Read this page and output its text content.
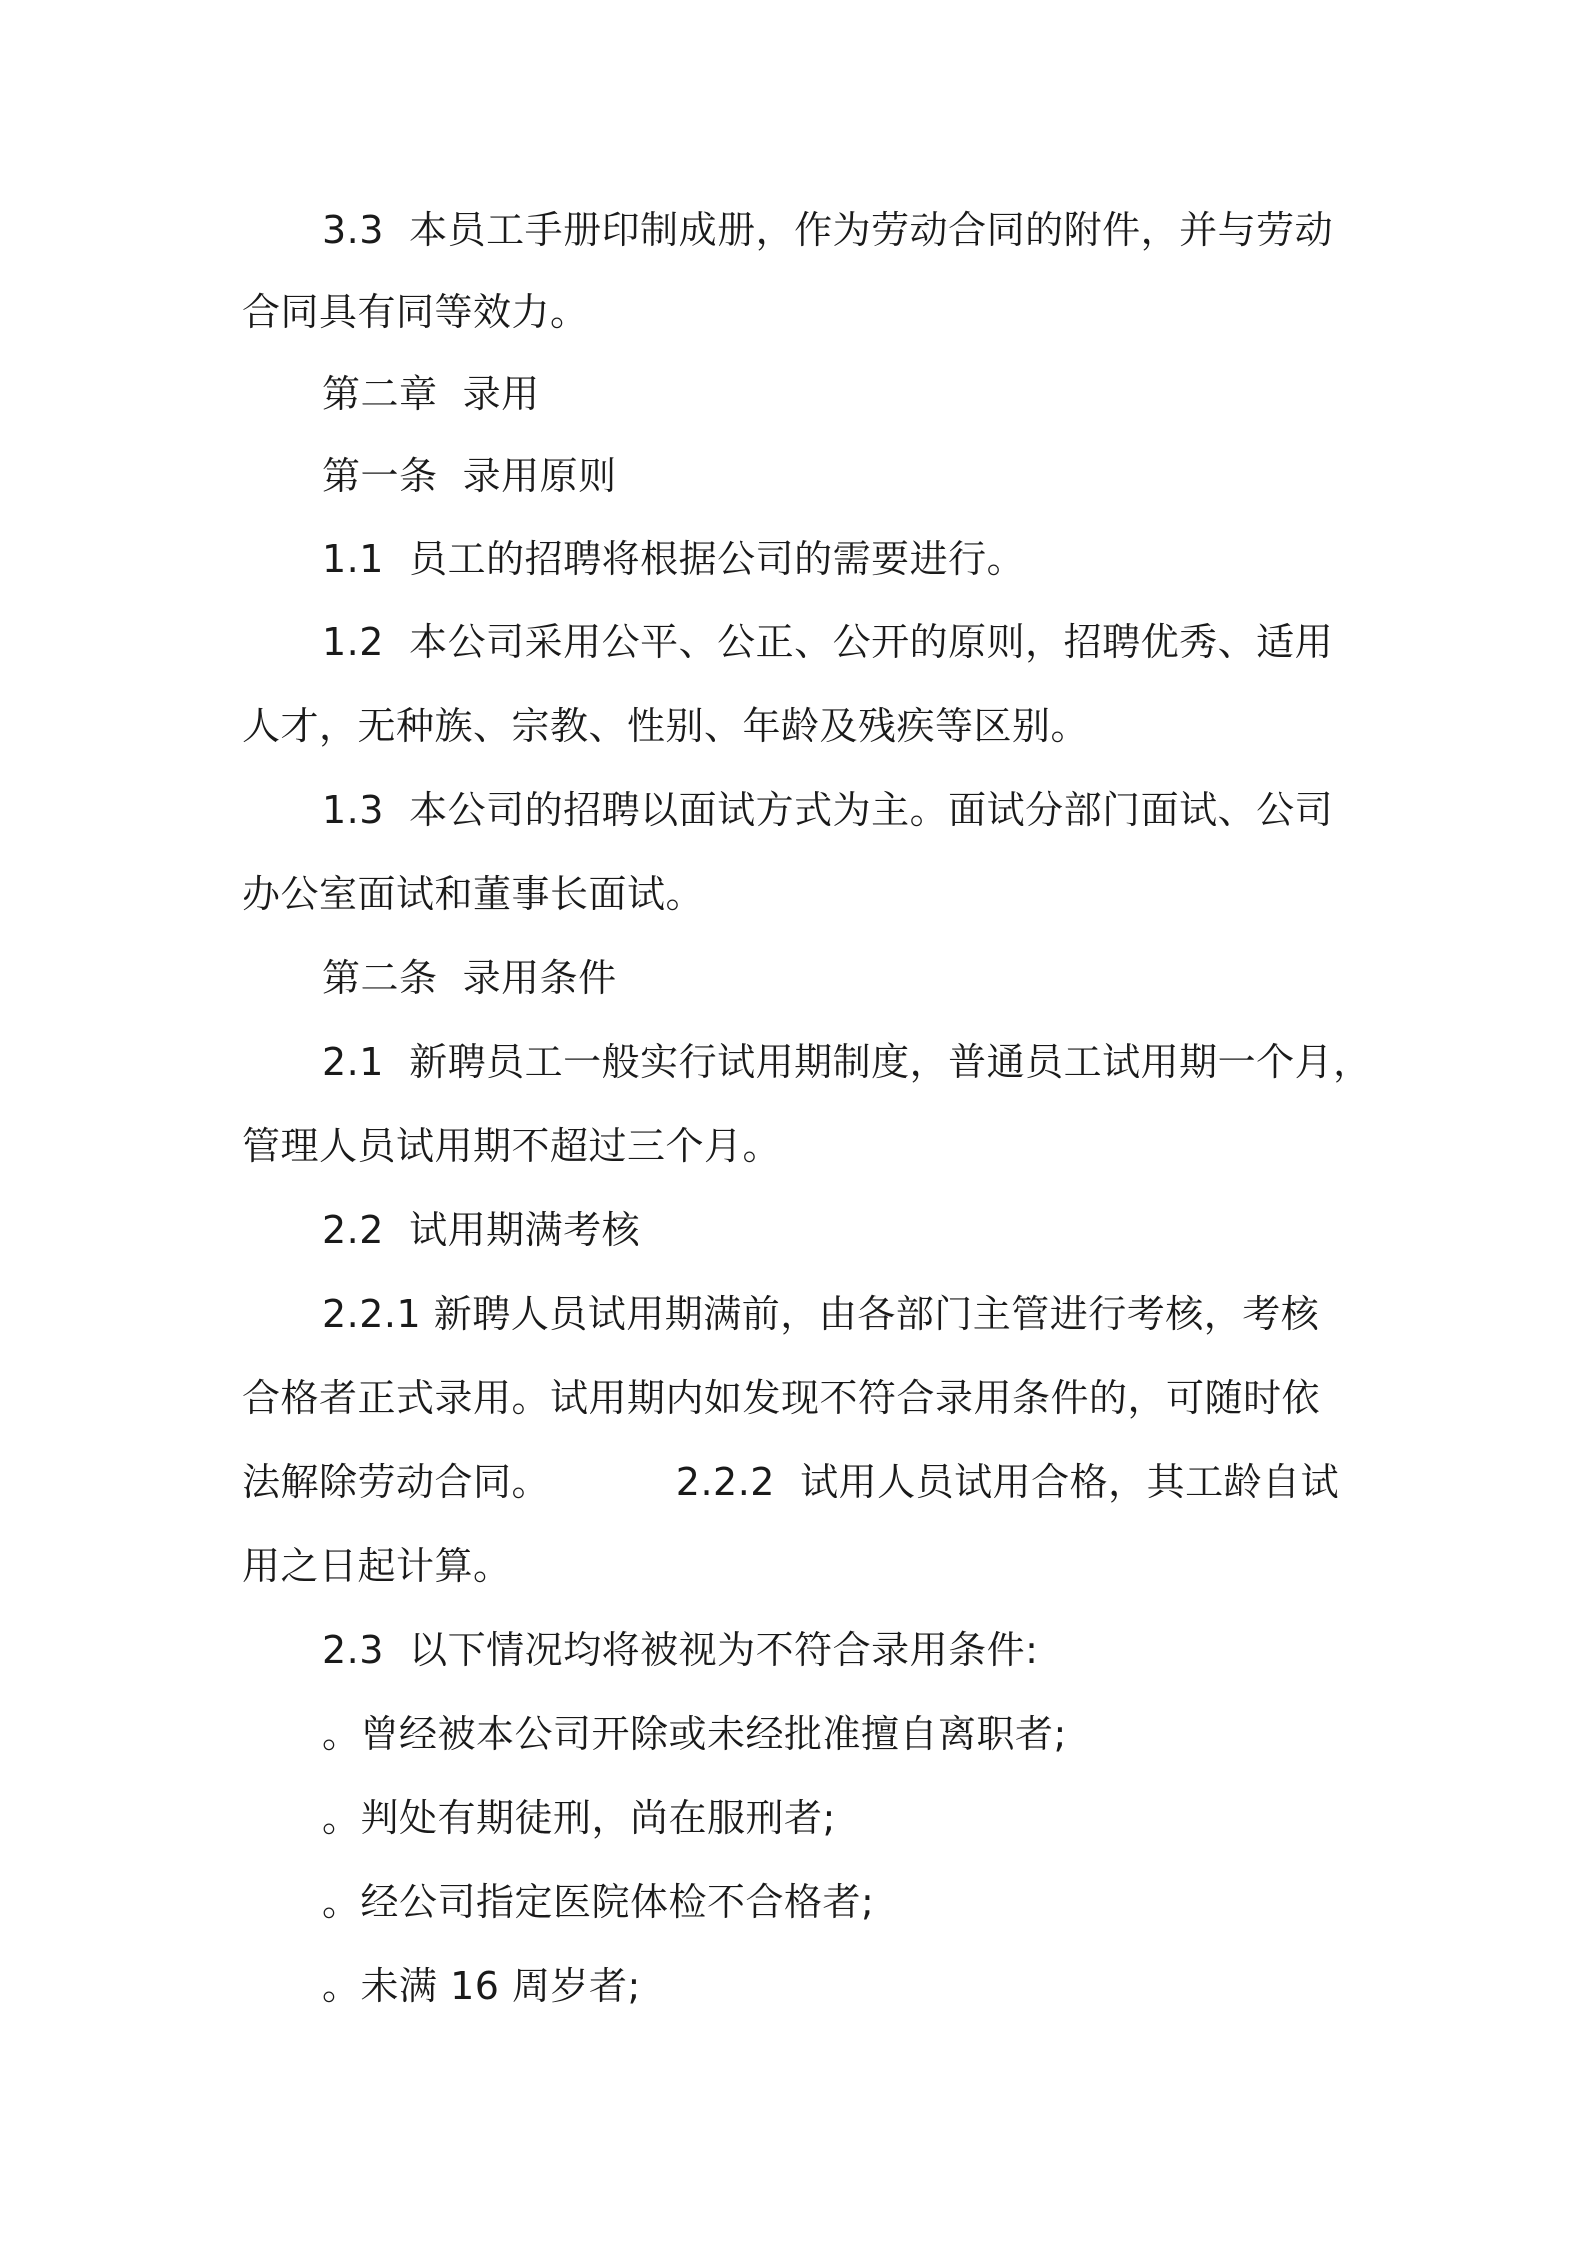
3.3  本员工手册印制成册，作为劳动合同的附件，并与劳动
合同具有同等效力。
第二章  录用
第一条  录用原则
1.1  员工的招聘将根据公司的需要进行。
1.2  本公司采用公平、公正、公开的原则，招聘优秀、适用
人才，无种族、宗教、性别、年龄及残疾等区别。
1.3  本公司的招聘以面试方式为主。面试分部门面试、公司
办公室面试和董事长面试。
第二条  录用条件
2.1  新聘员工一般实行试用期制度，普通员工试用期一个月，
管理人员试用期不超过三个月。
2.2  试用期满考核
2.2.1 新聘人员试用期满前，由各部门主管进行考核，考核
合格者正式录用。试用期内如发现不符合录用条件的，可随时依
法解除劳动合同。          2.2.2  试用人员试用合格，其工龄自试
用之日起计算。
2.3  以下情况均将被视为不符合录用条件:
。曾经被本公司开除或未经批准擅自离职者;
。判处有期徒刑，尚在服刑者;
。经公司指定医院体检不合格者;
。未满 16 周岁者;
